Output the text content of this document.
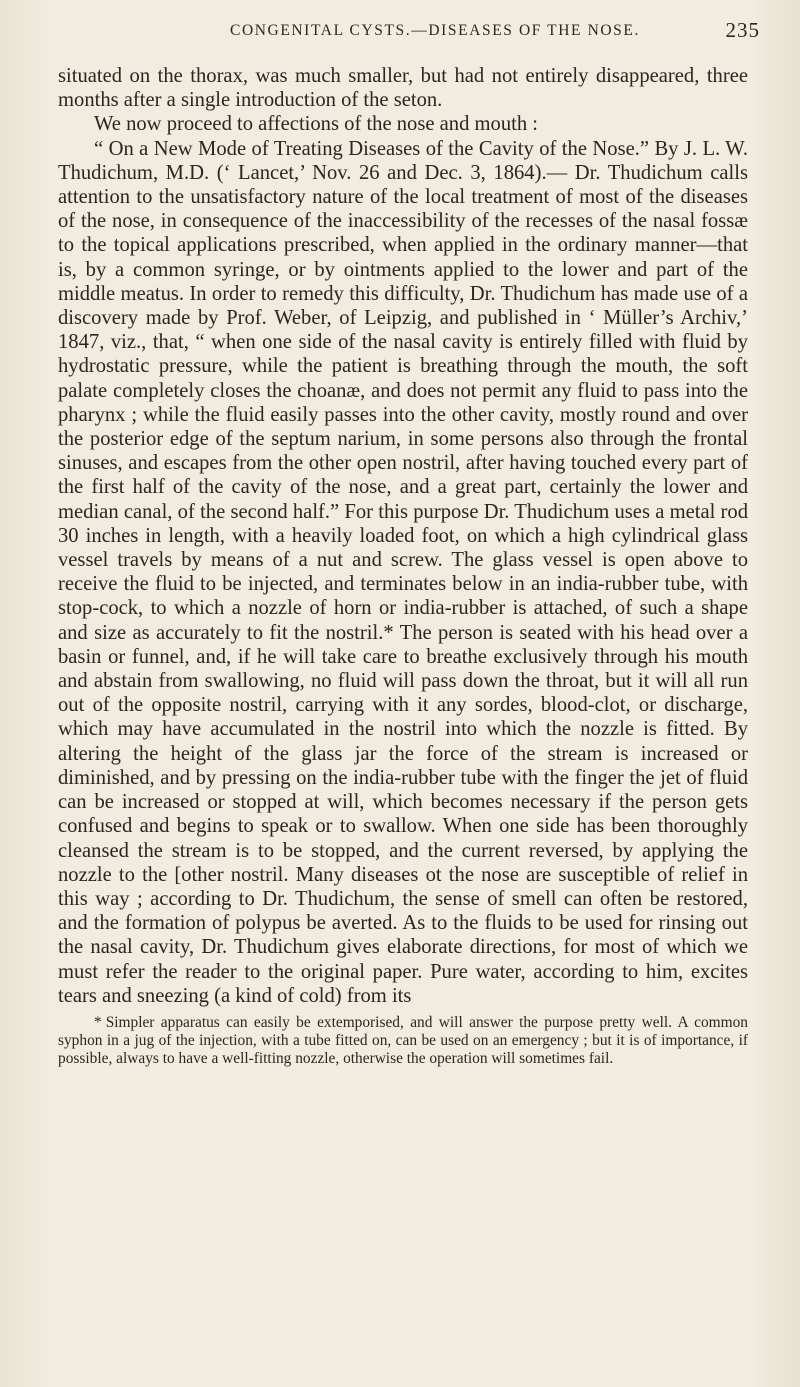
CONGENITAL CYSTS.—DISEASES OF THE NOSE.	235

situated on the thorax, was much smaller, but had not entirely disappeared, three months after a single introduction of the seton.

We now proceed to affections of the nose and mouth :

“ On a New Mode of Treating Diseases of the Cavity of the Nose.” By J. L. W. Thudichum, M.D. (‘ Lancet,’ Nov. 26 and Dec. 3, 1864).— Dr. Thudichum calls attention to the unsatisfactory nature of the local treatment of most of the diseases of the nose, in consequence of the inaccessibility of the recesses of the nasal fossæ to the topical applications prescribed, when applied in the ordinary manner—that is, by a common syringe, or by ointments applied to the lower and part of the middle meatus. In order to remedy this difficulty, Dr. Thudichum has made use of a discovery made by Prof. Weber, of Leipzig, and published in ‘ Müller’s Archiv,’ 1847, viz., that, “ when one side of the nasal cavity is entirely filled with fluid by hydrostatic pressure, while the patient is breathing through the mouth, the soft palate completely closes the choanæ, and does not permit any fluid to pass into the pharynx ; while the fluid easily passes into the other cavity, mostly round and over the posterior edge of the septum narium, in some persons also through the frontal sinuses, and escapes from the other open nostril, after having touched every part of the first half of the cavity of the nose, and a great part, certainly the lower and median canal, of the second half.” For this purpose Dr. Thudichum uses a metal rod 30 inches in length, with a heavily loaded foot, on which a high cylindrical glass vessel travels by means of a nut and screw. The glass vessel is open above to receive the fluid to be injected, and terminates below in an india-rubber tube, with stop-cock, to which a nozzle of horn or india-rubber is attached, of such a shape and size as accurately to fit the nostril.* The person is seated with his head over a basin or funnel, and, if he will take care to breathe exclusively through his mouth and abstain from swallowing, no fluid will pass down the throat, but it will all run out of the opposite nostril, carrying with it any sordes, blood-clot, or discharge, which may have accumulated in the nostril into which the nozzle is fitted. By altering the height of the glass jar the force of the stream is increased or diminished, and by pressing on the india-rubber tube with the finger the jet of fluid can be increased or stopped at will, which becomes necessary if the person gets confused and begins to speak or to swallow. When one side has been thoroughly cleansed the stream is to be stopped, and the current reversed, by applying the nozzle to the [other nostril. Many diseases ot the nose are susceptible of relief in this way ; according to Dr. Thudichum, the sense of smell can often be restored, and the formation of polypus be averted. As to the fluids to be used for rinsing out the nasal cavity, Dr. Thudichum gives elaborate directions, for most of which we must refer the reader to the original paper. Pure water, according to him, excites tears and sneezing (a kind of cold) from its

* Simpler apparatus can easily be extemporised, and will answer the purpose pretty well. A common syphon in a jug of the injection, with a tube fitted on, can be used on an emergency ; but it is of importance, if possible, always to have a well-fitting nozzle, otherwise the operation will sometimes fail.
